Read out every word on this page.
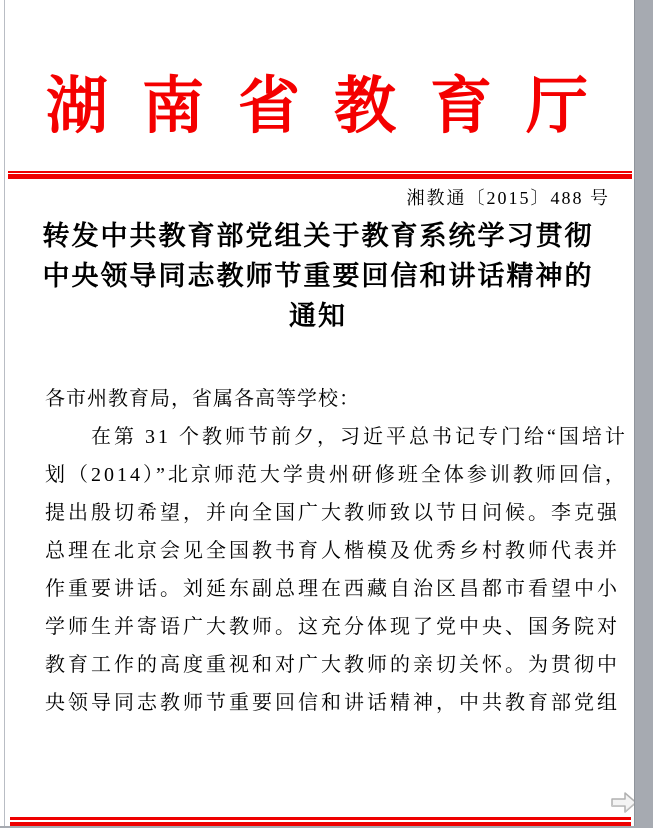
湖南省教育厅
湘教通〔2015〕488 号
转发中共教育部党组关于教育系统学习贯彻
中央领导同志教师节重要回信和讲话精神的
通知
各市州教育局，省属各高等学校：
在第 31 个教师节前夕，习近平总书记专门给“国培计
划（2014）”北京师范大学贵州研修班全体参训教师回信，
提出殷切希望，并向全国广大教师致以节日问候。李克强
总理在北京会见全国教书育人楷模及优秀乡村教师代表并
作重要讲话。刘延东副总理在西藏自治区昌都市看望中小
学师生并寄语广大教师。这充分体现了党中央、国务院对
教育工作的高度重视和对广大教师的亲切关怀。为贯彻中
央领导同志教师节重要回信和讲话精神，中共教育部党组
